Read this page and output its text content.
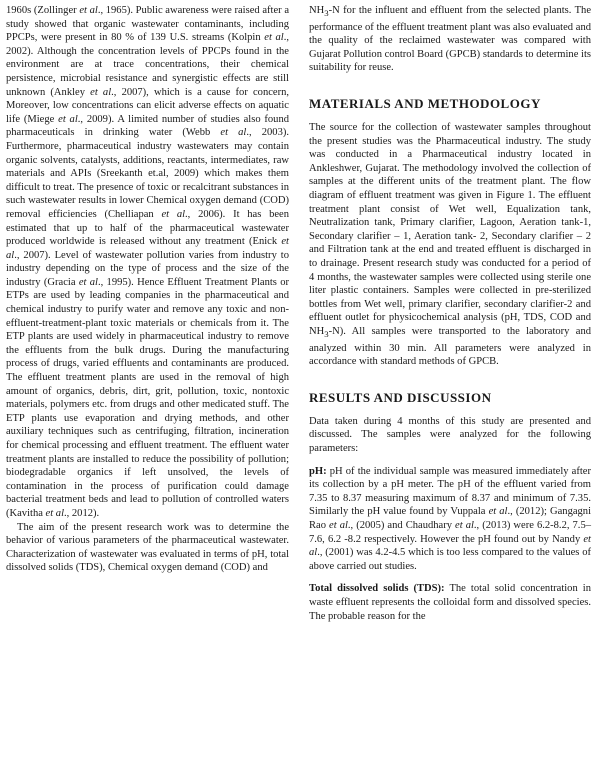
1960s (Zollinger et al., 1965). Public awareness were raised after a study showed that organic wastewater contaminants, including PPCPs, were present in 80 % of 139 U.S. streams (Kolpin et al., 2002). Although the concentration levels of PPCPs found in the environment are at trace concentrations, their chemical persistence, microbial resistance and synergistic effects are still unknown (Ankley et al., 2007), which is a cause for concern, Moreover, low concentrations can elicit adverse effects on aquatic life (Miege et al., 2009). A limited number of studies also found pharmaceuticals in drinking water (Webb et al., 2003). Furthermore, pharmaceutical industry wastewaters may contain organic solvents, catalysts, additions, reactants, intermediates, raw materials and APIs (Sreekanth et.al, 2009) which makes them difficult to treat. The presence of toxic or recalcitrant substances in such wastewater results in lower Chemical oxygen demand (COD) removal efficiencies (Chelliapan et al., 2006). It has been estimated that up to half of the pharmaceutical wastewater produced worldwide is released without any treatment (Enick et al., 2007). Level of wastewater pollution varies from industry to industry depending on the type of process and the size of the industry (Gracia et al., 1995). Hence Effluent Treatment Plants or ETPs are used by leading companies in the pharmaceutical and chemical industry to purify water and remove any toxic and non-effluent-treatment-plant toxic materials or chemicals from it. The ETP plants are used widely in pharmaceutical industry to remove the effluents from the bulk drugs. During the manufacturing process of drugs, varied effluents and contaminants are produced. The effluent treatment plants are used in the removal of high amount of organics, debris, dirt, grit, pollution, toxic, nontoxic materials, polymers etc. from drugs and other medicated stuff. The ETP plants use evaporation and drying methods, and other auxiliary techniques such as centrifuging, filtration, incineration for chemical processing and effluent treatment. The effluent water treatment plants are installed to reduce the possibility of pollution; biodegradable organics if left unsolved, the levels of contamination in the process of purification could damage bacterial treatment beds and lead to pollution of controlled waters (Kavitha et al., 2012).

The aim of the present research work was to determine the behavior of various parameters of the pharmaceutical wastewater. Characterization of wastewater was evaluated in terms of pH, total dissolved solids (TDS), Chemical oxygen demand (COD) and

$NH_3-N$ for the influent and effluent from the selected plants. The performance of the effluent treatment plant was also evaluated and the quality of the reclaimed wastewater was compared with Gujarat Pollution control Board (GPCB) standards to determine its suitability for reuse.

MATERIALS AND METHODOLOGY

The source for the collection of wastewater samples throughout the present studies was the Pharmaceutical industry. The study was conducted in a Pharmaceutical industry located in Ankleshwer, Gujarat. The methodology involved the collection of samples at the different units of the treatment plant. The flow diagram of effluent treatment was given in Figure 1. The effluent treatment plant consist of Wet well, Equalization tank, Neutralization tank, Primary clarifier, Lagoon, Aeration tank-1, Secondary clarifier – 1, Aeration tank- 2, Secondary clarifier – 2 and Filtration tank at the end and treated effluent is discharged in to drainage. Present research study was conducted for a period of 4 months, the wastewater samples were collected using sterile one liter plastic containers. Samples were collected in pre-sterilized bottles from Wet well, primary clarifier, secondary clarifier-2 and effluent outlet for physicochemical analysis (pH, TDS, COD and $NH_3-N$). All samples were transported to the laboratory and analyzed within 30 min. All parameters were analyzed in accordance with standard methods of GPCB.

RESULTS AND DISCUSSION

Data taken during 4 months of this study are presented and discussed. The samples were analyzed for the following parameters:

pH: pH of the individual sample was measured immediately after its collection by a pH meter. The pH of the effluent varied from 7.35 to 8.37 measuring maximum of 8.37 and minimum of 7.35. Similarly the pH value found by Vuppala et al., (2012); Gangagni Rao et al., (2005) and Chaudhary et al., (2013) were 6.2-8.2, 7.5–7.6, 6.2 -8.2 respectively. However the pH found out by Nandy et al., (2001) was 4.2-4.5 which is too less compared to the values of above carried out studies.

Total dissolved solids (TDS): The total solid concentration in waste effluent represents the colloidal form and dissolved species. The probable reason for the
